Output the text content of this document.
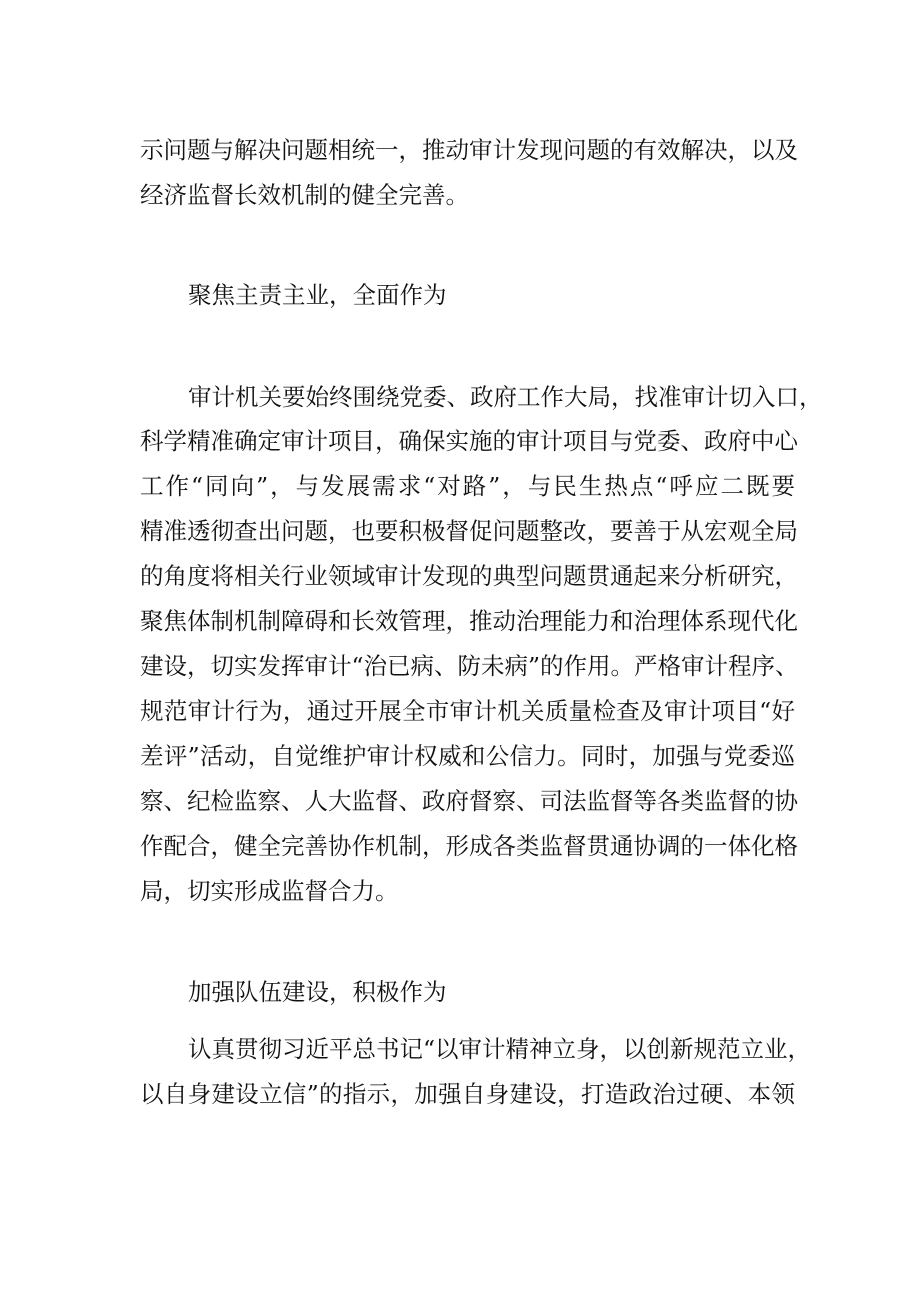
示问题与解决问题相统一，推动审计发现问题的有效解决，以及
经济监督长效机制的健全完善。
聚焦主责主业，全面作为
审计机关要始终围绕党委、政府工作大局，找准审计切入口，
科学精准确定审计项目，确保实施的审计项目与党委、政府中心
工作“同向”，与发展需求“对路”，与民生热点“呼应二既要
精准透彻查出问题，也要积极督促问题整改，要善于从宏观全局
的角度将相关行业领域审计发现的典型问题贯通起来分析研究，
聚焦体制机制障碍和长效管理，推动治理能力和治理体系现代化
建设，切实发挥审计“治已病、防未病”的作用。严格审计程序、
规范审计行为，通过开展全市审计机关质量检查及审计项目“好
差评”活动，自觉维护审计权威和公信力。同时，加强与党委巡
察、纪检监察、人大监督、政府督察、司法监督等各类监督的协
作配合，健全完善协作机制，形成各类监督贯通协调的一体化格
局，切实形成监督合力。
加强队伍建设，积极作为
认真贯彻习近平总书记“以审计精神立身，以创新规范立业，
以自身建设立信”的指示，加强自身建设，打造政治过硬、本领
